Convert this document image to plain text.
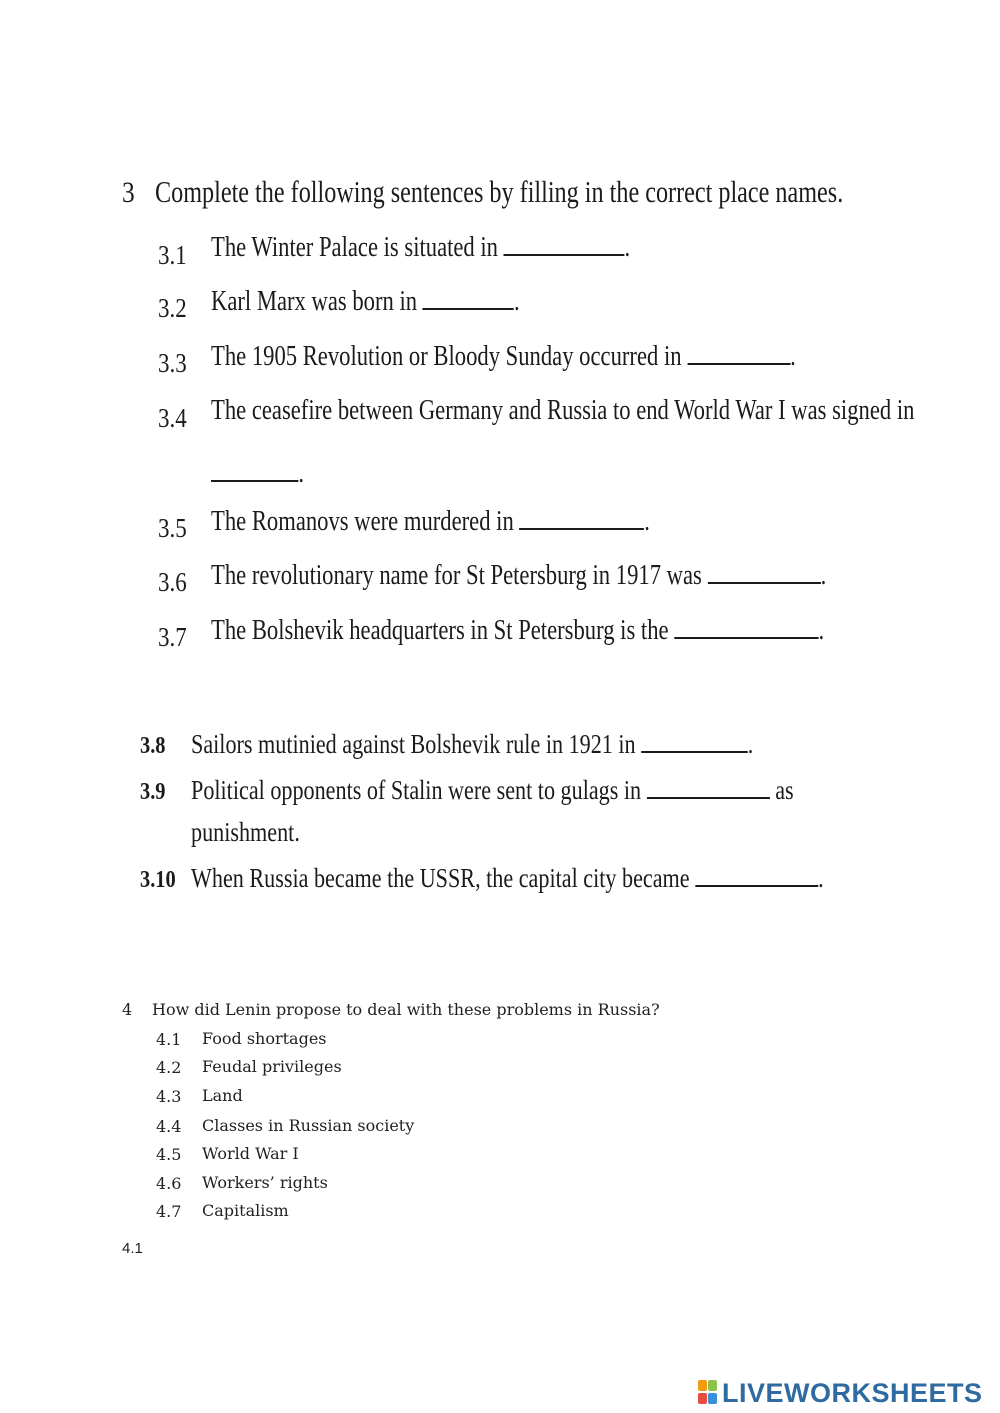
3 Complete the following sentences by filling in the correct place names.
3.1 The Winter Palace is situated in	.
3.2 Karl Marx was born in	.
3.3 The 1905 Revolution or Bloody Sunday occurred in	.
3.4 The ceasefire between Germany and Russia to end World War I was signed in
.
3.5 The Romanovs were murdered in	.
3.6 The revolutionary name for St Petersburg in 1917 was	.
3.7 The Bolshevik headquarters in St Petersburg is the	.
3.8 Sailors mutinied against Bolshevik rule in 1921 in	.
3.9 Political opponents of Stalin were sent to gulags in	as
punishment.
3.10 When Russia became the USSR, the capital city became	.
4 How did Lenin propose to deal with these problems in Russia?
4.1 Food shortages
4.2 Feudal privileges
4.3 Land
4.4 Classes in Russian society
4.5 World War I
4.6 Workers’ rights
4.7 Capitalism
4.1
LIVEWORKSHEETS
